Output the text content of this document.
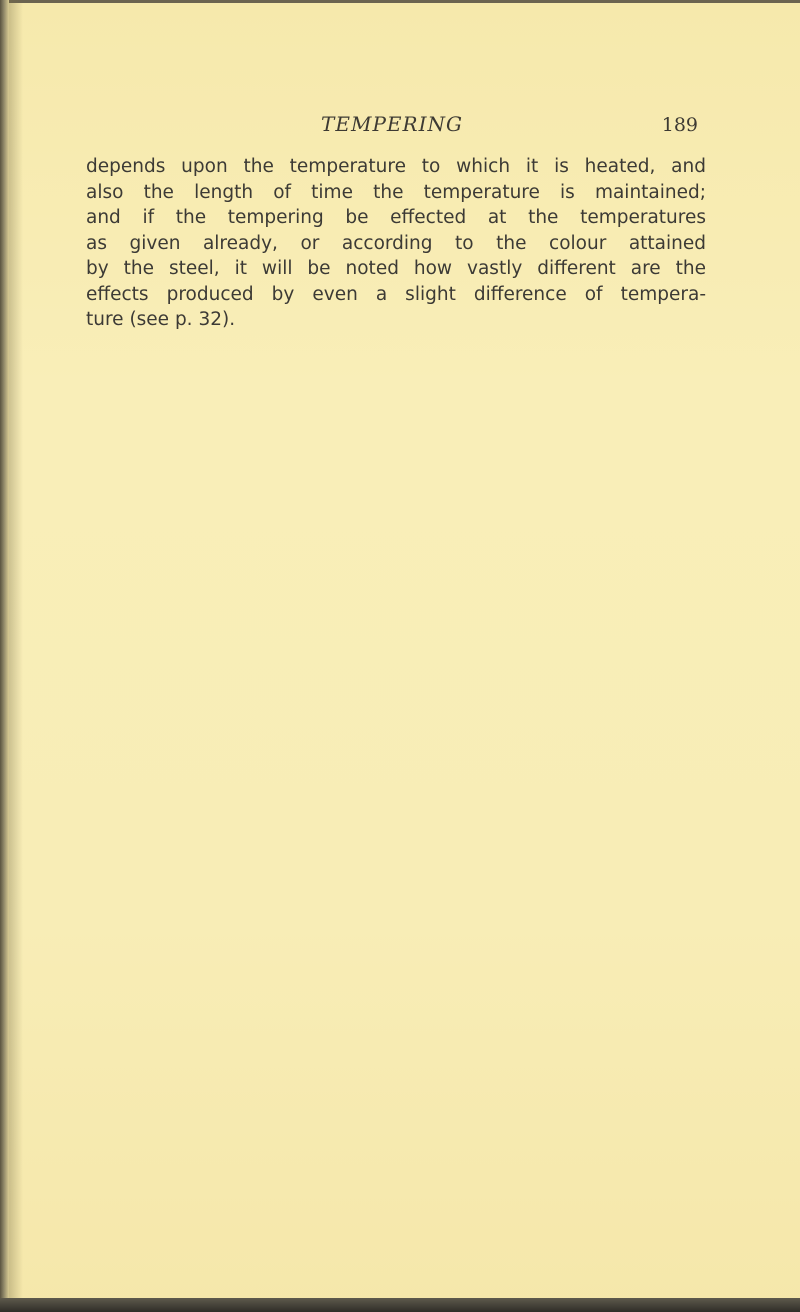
TEMPERING	189
depends upon the temperature to which it is heated, and
also the length of time the temperature is maintained;
and if the tempering be effected at the temperatures
as given already, or according to the colour attained
by the steel, it will be noted how vastly different are the
effects produced by even a slight difference of tempera-
ture (see p. 32).
